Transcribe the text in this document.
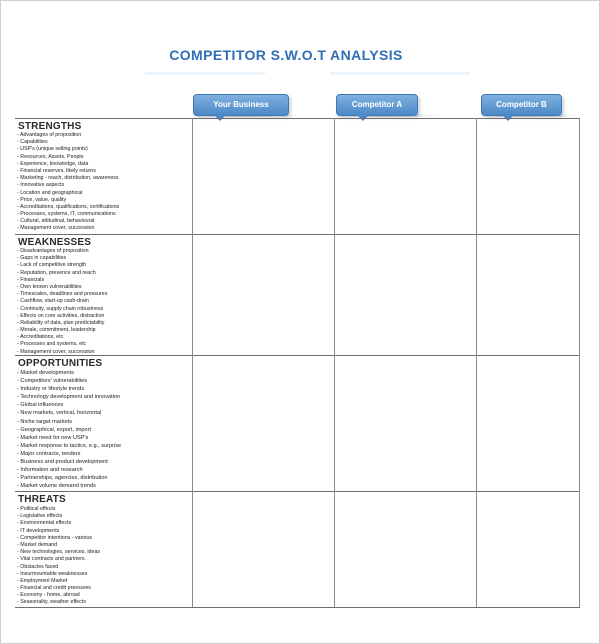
COMPETITOR S.W.O.T ANALYSIS
Your Business	Competitor A	Competitor B
STRENGTHS
- Advantages of proposition
- Capabilities
- USP's (unique selling points)
- Resources, Assets, People
- Experience, knowledge, data
- Financial reserves, likely returns
- Marketing - reach, distribution, awareness
- Innovative aspects
- Location and geographical
- Price, value, quality
- Accreditations, qualifications, certifications
- Processes, systems, IT, communications
- Cultural, attitudinal, behavioural
- Management cover, succession
WEAKNESSES
- Disadvantages of proposition
- Gaps in capabilities
- Lack of competitive strength
- Reputation, presence and reach
- Financials
- Own known vulnerabilities
- Timescales, deadlines and pressures
- Cashflow, start-up cash-drain
- Continuity, supply chain robustness
- Effects on core activities, distraction
- Reliability of data, plan predictability
- Morale, commitment, leadership
- Accreditations, etc
- Processes and systems, etc
- Management cover, succession
OPPORTUNITIES
- Market developments
- Competitors' vulnerabilities
- Industry or lifestyle trends
- Technology development and innovation
- Global influences
- New markets, vertical, horizontal
- Niche target markets
- Geographical, export, import
- Market need for new USP's
- Market response to tactics, e.g., surprise
- Major contracts, tenders
- Business and product development
- Information and research
- Partnerships, agencies, distribution
- Market volume demand trends
THREATS
- Political effects
- Legislative effects
- Environmental effects
- IT developments
- Competitor intentions - various
- Market demand
- New technologies, services, ideas
- Vital contracts and partners
- Obstacles faced
- Insurmountable weaknesses
- Employment Market
- Financial and credit pressures
- Economy - home, abroad
- Seasonality, weather effects
